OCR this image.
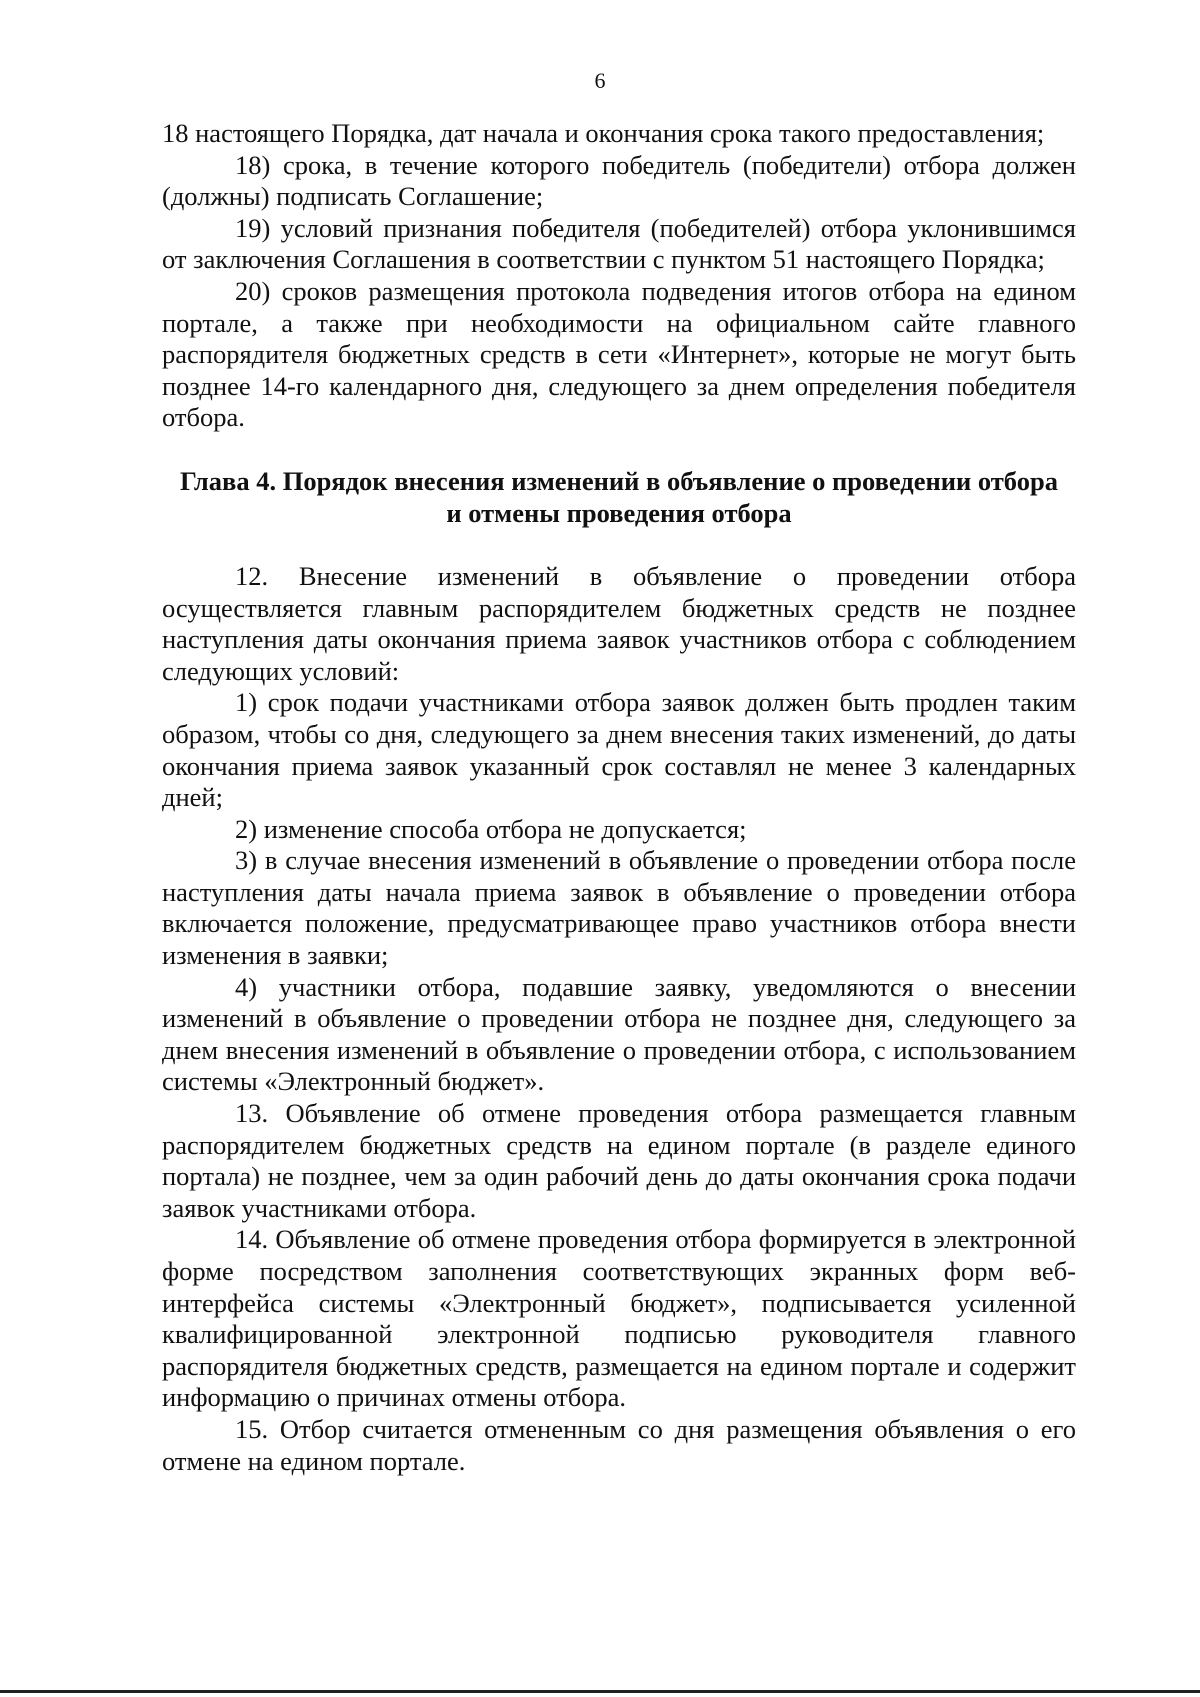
6

18 настоящего Порядка, дат начала и окончания срока такого предоставления;

18) срока, в течение которого победитель (победители) отбора должен (должны) подписать Соглашение;

19) условий признания победителя (победителей) отбора уклонившимся от заключения Соглашения в соответствии с пунктом 51 настоящего Порядка;

20) сроков размещения протокола подведения итогов отбора на едином портале, а также при необходимости на официальном сайте главного распорядителя бюджетных средств в сети «Интернет», которые не могут быть позднее 14-го календарного дня, следующего за днем определения победителя отбора.

Глава 4. Порядок внесения изменений в объявление о проведении отбора
и отмены проведения отбора

12. Внесение изменений в объявление о проведении отбора осуществляется главным распорядителем бюджетных средств не позднее наступления даты окончания приема заявок участников отбора с соблюдением следующих условий:

1) срок подачи участниками отбора заявок должен быть продлен таким образом, чтобы со дня, следующего за днем внесения таких изменений, до даты окончания приема заявок указанный срок составлял не менее 3 календарных дней;

2) изменение способа отбора не допускается;

3) в случае внесения изменений в объявление о проведении отбора после наступления даты начала приема заявок в объявление о проведении отбора включается положение, предусматривающее право участников отбора внести изменения в заявки;

4) участники отбора, подавшие заявку, уведомляются о внесении изменений в объявление о проведении отбора не позднее дня, следующего за днем внесения изменений в объявление о проведении отбора, с использованием системы «Электронный бюджет».

13. Объявление об отмене проведения отбора размещается главным распорядителем бюджетных средств на едином портале (в разделе единого портала) не позднее, чем за один рабочий день до даты окончания срока подачи заявок участниками отбора.

14. Объявление об отмене проведения отбора формируется в электронной форме посредством заполнения соответствующих экранных форм веб-интерфейса системы «Электронный бюджет», подписывается усиленной квалифицированной электронной подписью руководителя главного распорядителя бюджетных средств, размещается на едином портале и содержит информацию о причинах отмены отбора.

15. Отбор считается отмененным со дня размещения объявления о его отмене на едином портале.
